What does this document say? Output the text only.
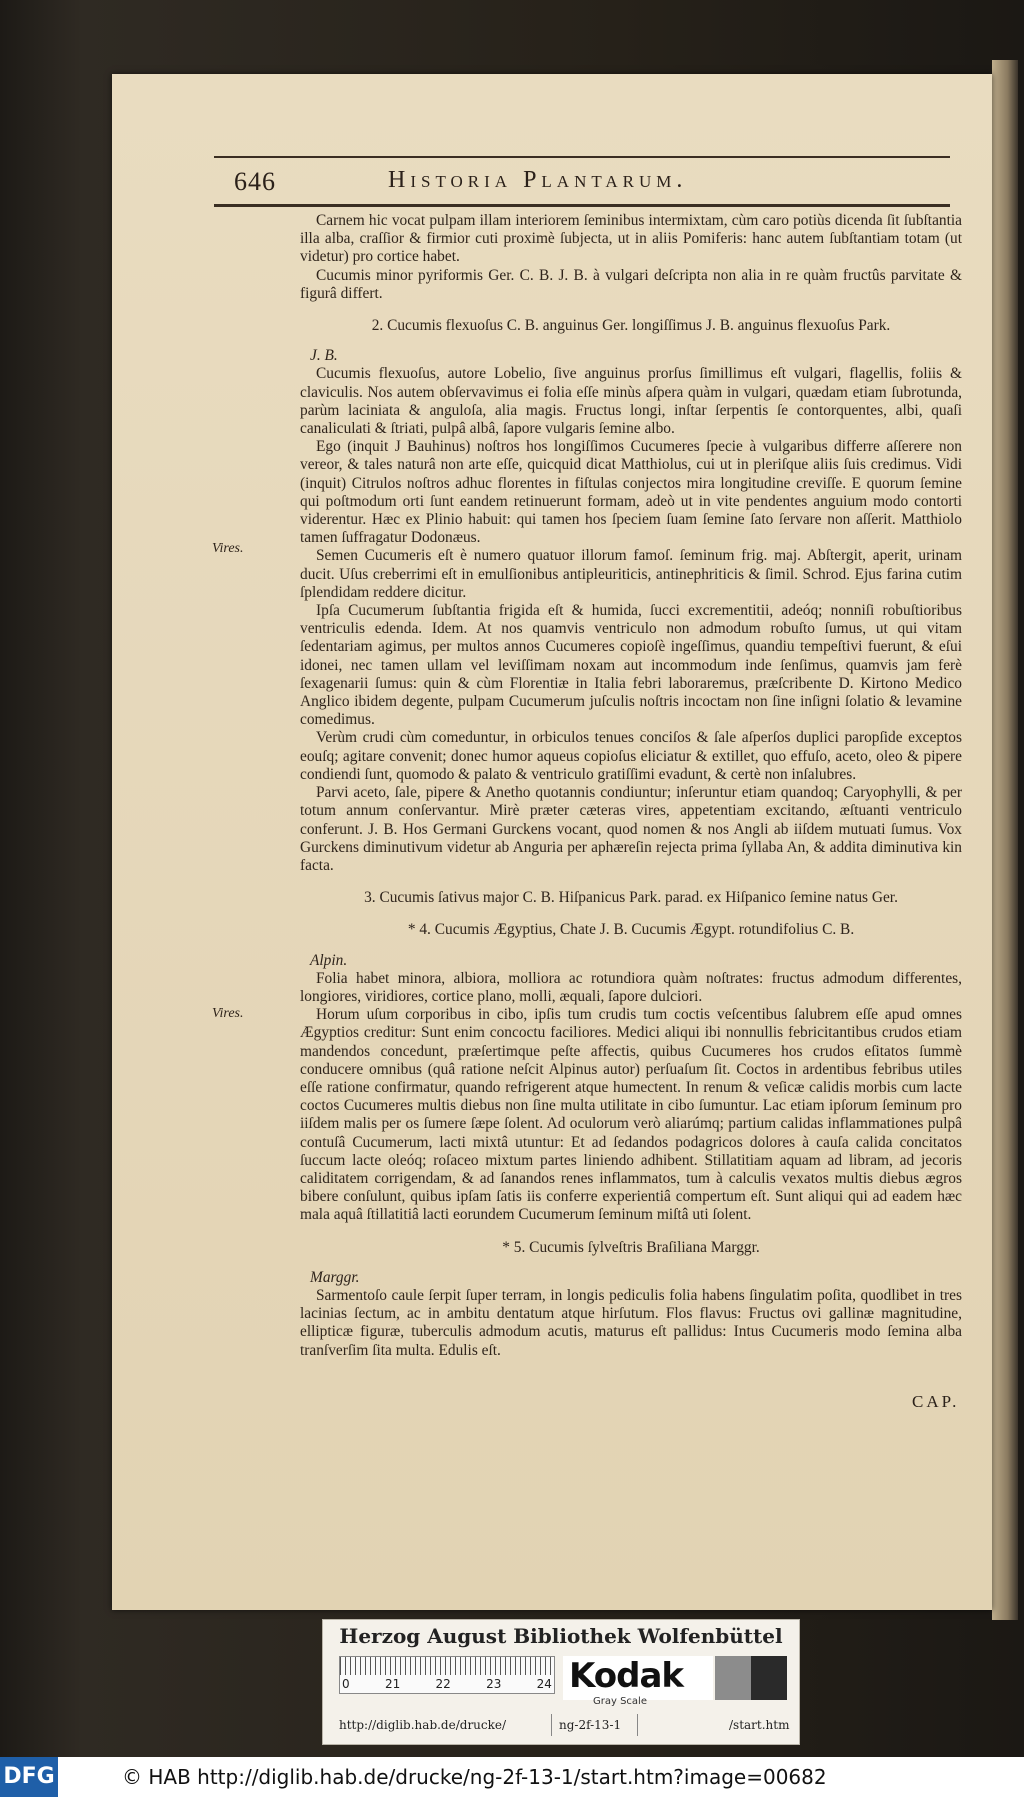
646	Historia Plantarum.
Vires.
Vires.

Carnem hic vocat pulpam illam interiorem ſeminibus intermixtam, cùm caro potiùs dicenda ſit ſubſtantia illa alba, craſſior & firmior cuti proximè ſubjecta, ut in aliis Pomiferis: hanc autem ſubſtantiam totam (ut videtur) pro cortice habet.

Cucumis minor pyriformis Ger. C. B. J. B. à vulgari deſcripta non alia in re quàm fructûs parvitate & figurâ differt.

2. Cucumis flexuoſus C. B. anguinus Ger. longiſſimus J. B. anguinus flexuoſus Park.

J. B.

Cucumis flexuoſus, autore Lobelio, ſive anguinus prorſus ſimillimus eſt vulgari, flagellis, foliis & claviculis. Nos autem obſervavimus ei folia eſſe minùs aſpera quàm in vulgari, quædam etiam ſubrotunda, parùm laciniata & anguloſa, alia magis. Fructus longi, inſtar ſerpentis ſe contorquentes, albi, quaſi canaliculati & ſtriati, pulpâ albâ, ſapore vulgaris ſemine albo.

Ego (inquit J Bauhinus) noſtros hos longiſſimos Cucumeres ſpecie à vulgaribus differre aſſerere non vereor, & tales naturâ non arte eſſe, quicquid dicat Matthiolus, cui ut in pleriſque aliis ſuis credimus. Vidi (inquit) Citrulos noſtros adhuc florentes in fiſtulas conjectos mira longitudine creviſſe. E quorum ſemine qui poſtmodum orti ſunt eandem retinuerunt formam, adeò ut in vite pendentes anguium modo contorti viderentur. Hæc ex Plinio habuit: qui tamen hos ſpeciem ſuam ſemine ſato ſervare non aſſerit. Matthiolo tamen ſuffragatur Dodonæus.

Semen Cucumeris eſt è numero quatuor illorum famoſ. ſeminum frig. maj. Abſtergit, aperit, urinam ducit. Uſus creberrimi eſt in emulſionibus antipleuriticis, antinephriticis & ſimil. Schrod. Ejus farina cutim ſplendidam reddere dicitur.

Ipſa Cucumerum ſubſtantia frigida eſt & humida, ſucci excrementitii, adeóq; nonniſi robuſtioribus ventriculis edenda. Idem. At nos quamvis ventriculo non admodum robuſto ſumus, ut qui vitam ſedentariam agimus, per multos annos Cucumeres copioſè ingeſſimus, quandiu tempeſtivi fuerunt, & eſui idonei, nec tamen ullam vel leviſſimam noxam aut incommodum inde ſenſimus, quamvis jam ferè ſexagenarii ſumus: quin & cùm Florentiæ in Italia febri laboraremus, præſcribente D. Kirtono Medico Anglico ibidem degente, pulpam Cucumerum juſculis noſtris incoctam non ſine inſigni ſolatio & levamine comedimus.

Verùm crudi cùm comeduntur, in orbiculos tenues conciſos & ſale aſperſos duplici paropſide exceptos eouſq; agitare convenit; donec humor aqueus copioſus eliciatur & extillet, quo effuſo, aceto, oleo & pipere condiendi ſunt, quomodo & palato & ventriculo gratiſſimi evadunt, & certè non inſalubres.

Parvi aceto, ſale, pipere & Anetho quotannis condiuntur; inſeruntur etiam quandoq; Caryophylli, & per totum annum conſervantur. Mirè præter cæteras vires, appetentiam excitando, æſtuanti ventriculo conferunt. J. B. Hos Germani Gurckens vocant, quod nomen & nos Angli ab iiſdem mutuati ſumus. Vox Gurckens diminutivum videtur ab Anguria per aphæreſin rejecta prima ſyllaba An, & addita diminutiva kin facta.

3. Cucumis ſativus major C. B. Hiſpanicus Park. parad. ex Hiſpanico ſemine natus Ger.

* 4. Cucumis Ægyptius, Chate J. B. Cucumis Ægypt. rotundifolius C. B.

Alpin.

Folia habet minora, albiora, molliora ac rotundiora quàm noſtrates: fructus admodum differentes, longiores, viridiores, cortice plano, molli, æquali, ſapore dulciori.

Horum uſum corporibus in cibo, ipſis tum crudis tum coctis veſcentibus ſalubrem eſſe apud omnes Ægyptios creditur: Sunt enim concoctu faciliores. Medici aliqui ibi nonnullis febricitantibus crudos etiam mandendos concedunt, præſertimque peſte affectis, quibus Cucumeres hos crudos eſitatos ſummè conducere omnibus (quâ ratione neſcit Alpinus autor) perſuaſum ſit. Coctos in ardentibus febribus utiles eſſe ratione confirmatur, quando refrigerent atque humectent. In renum & veſicæ calidis morbis cum lacte coctos Cucumeres multis diebus non ſine multa utilitate in cibo ſumuntur. Lac etiam ipſorum ſeminum pro iiſdem malis per os ſumere ſæpe ſolent. Ad oculorum verò aliarúmq; partium calidas inflammationes pulpâ contuſâ Cucumerum, lacti mixtâ utuntur: Et ad ſedandos podagricos dolores à cauſa calida concitatos ſuccum lacte oleóq; roſaceo mixtum partes liniendo adhibent. Stillatitiam aquam ad libram, ad jecoris caliditatem corrigendam, & ad ſanandos renes inflammatos, tum à calculis vexatos multis diebus ægros bibere conſulunt, quibus ipſam ſatis iis conferre experientiâ compertum eſt. Sunt aliqui qui ad eadem hæc mala aquâ ſtillatitiâ lacti eorundem Cucumerum ſeminum miſtâ uti ſolent.

* 5. Cucumis ſylveſtris Braſiliana Marggr.

Marggr.

Sarmentoſo caule ſerpit ſuper terram, in longis pediculis folia habens ſingulatim poſita, quodlibet in tres lacinias ſectum, ac in ambitu dentatum atque hirſutum. Flos flavus: Fructus ovi gallinæ magnitudine, ellipticæ figuræ, tuberculis admodum acutis, maturus eſt pallidus: Intus Cucumeris modo ſemina alba tranſverſim ſita multa. Edulis eſt.

CAP.
Herzog August Bibliothek Wolfenbüttel
0	21	22	23	24 Kodak
Gray Scale
http://diglib.hab.de/drucke/	ng-2f-13-1	/start.htm
DFG	© HAB http://diglib.hab.de/drucke/ng-2f-13-1/start.htm?image=00682
